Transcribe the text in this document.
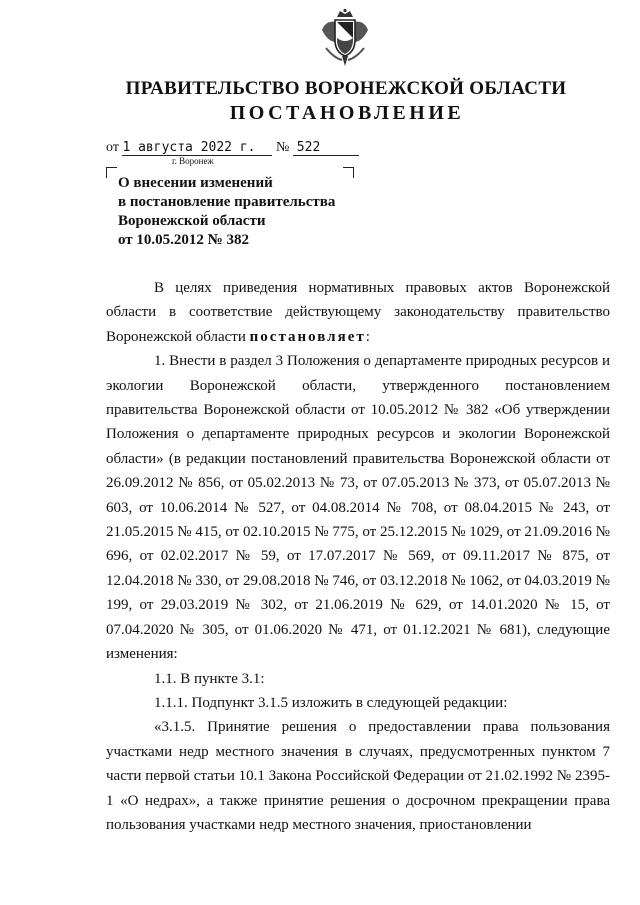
ПРАВИТЕЛЬСТВО ВОРОНЕЖСКОЙ ОБЛАСТИ
ПОСТАНОВЛЕНИЕ
от 1 августа 2022 г. № 522
г. Воронеж
О внесении изменений
в постановление правительства
Воронежской области
от 10.05.2012 № 382

В целях приведения нормативных правовых актов Воронежской области в соответствие действующему законодательству правительство Воронежской области постановляет:

1. Внести в раздел 3 Положения о департаменте природных ресурсов и экологии Воронежской области, утвержденного постановлением правительства Воронежской области от 10.05.2012 № 382 «Об утверждении Положения о департаменте природных ресурсов и экологии Воронежской области» (в редакции постановлений правительства Воронежской области от 26.09.2012 № 856, от 05.02.2013 № 73, от 07.05.2013 № 373, от 05.07.2013 № 603, от 10.06.2014 № 527, от 04.08.2014 № 708, от 08.04.2015 № 243, от 21.05.2015 № 415, от 02.10.2015 № 775, от 25.12.2015 № 1029, от 21.09.2016 № 696, от 02.02.2017 № 59, от 17.07.2017 № 569, от 09.11.2017 № 875, от 12.04.2018 № 330, от 29.08.2018 № 746, от 03.12.2018 № 1062, от 04.03.2019 № 199, от 29.03.2019 № 302, от 21.06.2019 № 629, от 14.01.2020 № 15, от 07.04.2020 № 305, от 01.06.2020 № 471, от 01.12.2021 № 681), следующие изменения:

1.1. В пункте 3.1:

1.1.1. Подпункт 3.1.5 изложить в следующей редакции:

«3.1.5. Принятие решения о предоставлении права пользования участками недр местного значения в случаях, предусмотренных пунктом 7 части первой статьи 10.1 Закона Российской Федерации от 21.02.1992 № 2395-1 «О недрах», а также принятие решения о досрочном прекращении права пользования участками недр местного значения, приостановлении
